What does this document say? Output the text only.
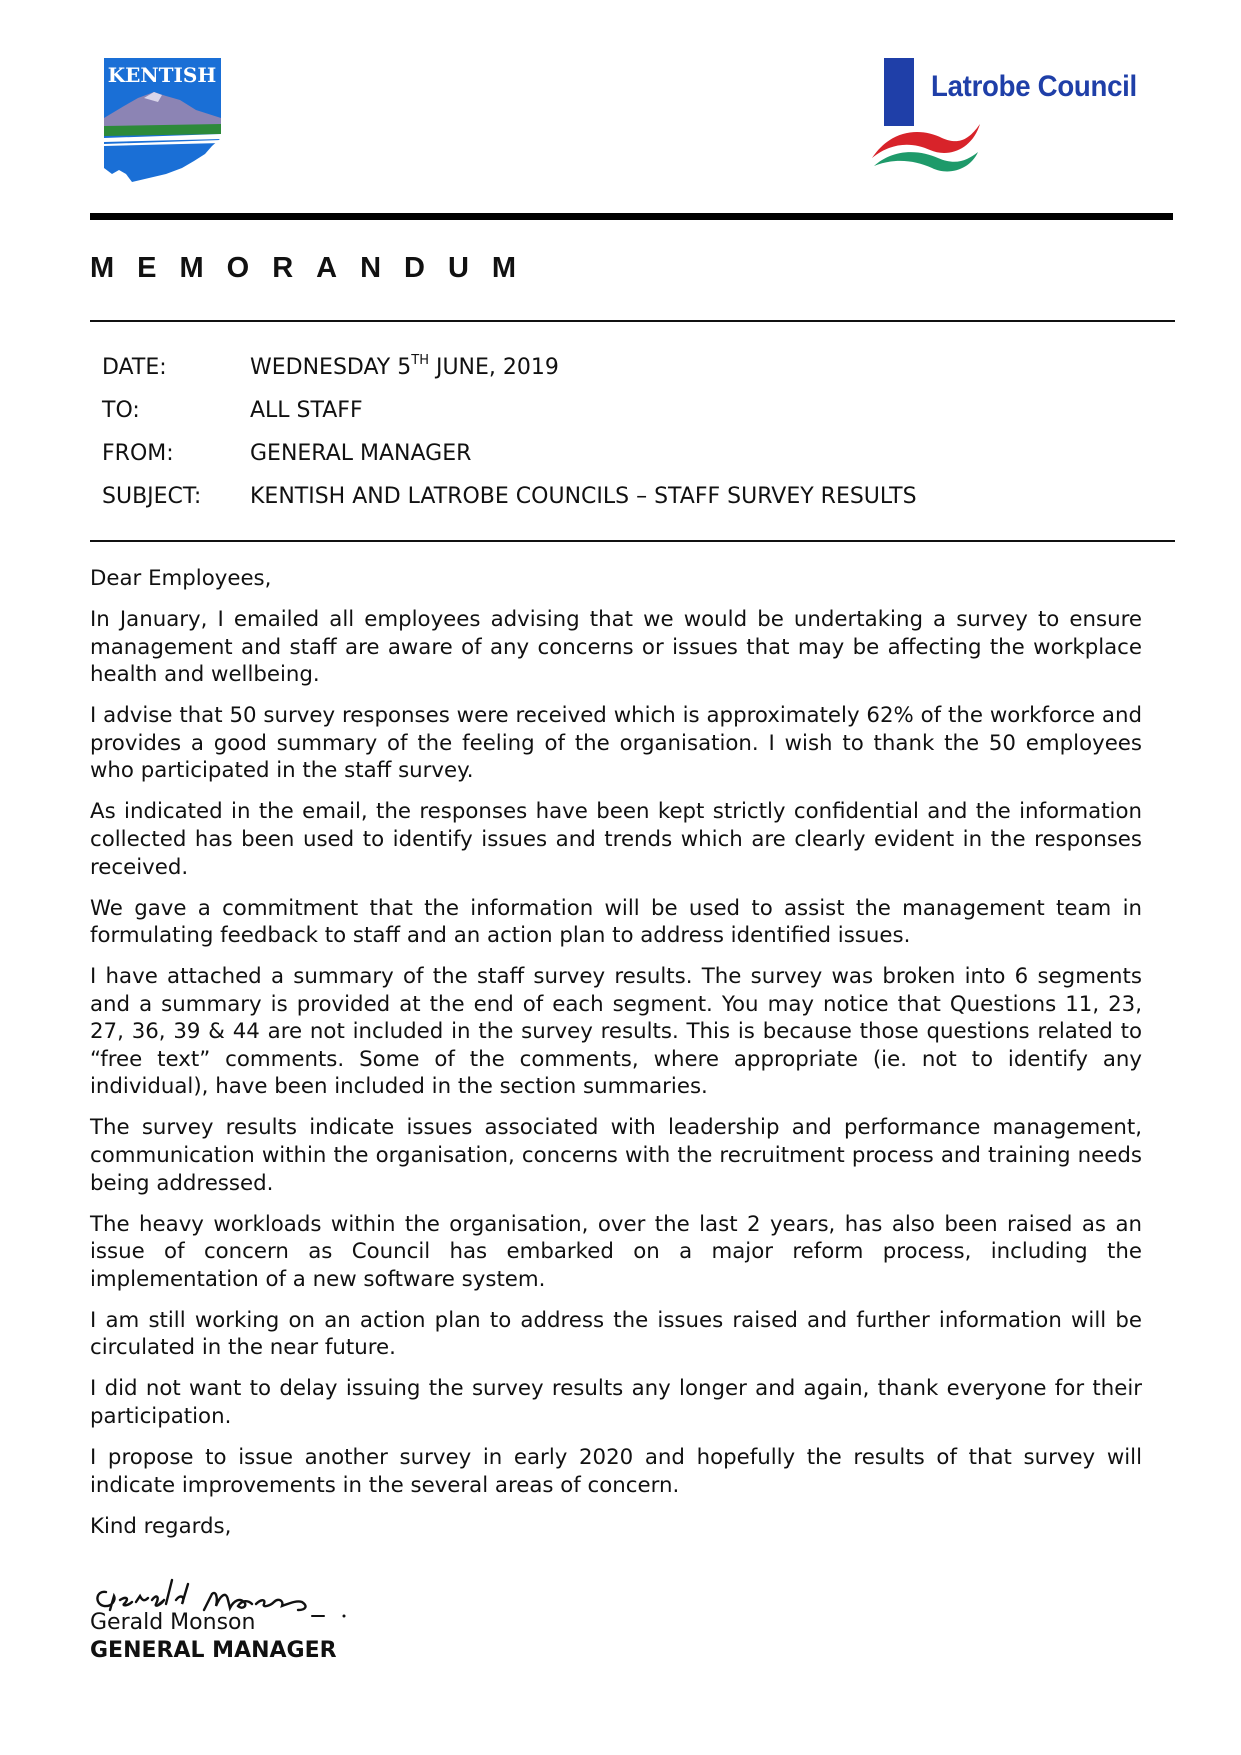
KENTISH	Latrobe Council
MEMORANDUM
DATE:	WEDNESDAY 5TH JUNE, 2019
TO:	ALL STAFF
FROM:	GENERAL MANAGER
SUBJECT: KENTISH AND LATROBE COUNCILS – STAFF SURVEY RESULTS

Dear Employees,

In January, I emailed all employees advising that we would be undertaking a survey to ensure management and staff are aware of any concerns or issues that may be affecting the workplace health and wellbeing.

I advise that 50 survey responses were received which is approximately 62% of the workforce and provides a good summary of the feeling of the organisation. I wish to thank the 50 employees who participated in the staff survey.

As indicated in the email, the responses have been kept strictly confidential and the information collected has been used to identify issues and trends which are clearly evident in the responses received.

We gave a commitment that the information will be used to assist the management team in formulating feedback to staff and an action plan to address identified issues.

I have attached a summary of the staff survey results. The survey was broken into 6 segments and a summary is provided at the end of each segment. You may notice that Questions 11, 23, 27, 36, 39 & 44 are not included in the survey results. This is because those questions related to “free text” comments. Some of the comments, where appropriate (ie. not to identify any individual), have been included in the section summaries.

The survey results indicate issues associated with leadership and performance management, communication within the organisation, concerns with the recruitment process and training needs being addressed.

The heavy workloads within the organisation, over the last 2 years, has also been raised as an issue of concern as Council has embarked on a major reform process, including the implementation of a new software system.

I am still working on an action plan to address the issues raised and further information will be circulated in the near future.

I did not want to delay issuing the survey results any longer and again, thank everyone for their participation.

I propose to issue another survey in early 2020 and hopefully the results of that survey will indicate improvements in the several areas of concern.

Kind regards,

Gerald Monson
GENERAL MANAGER
